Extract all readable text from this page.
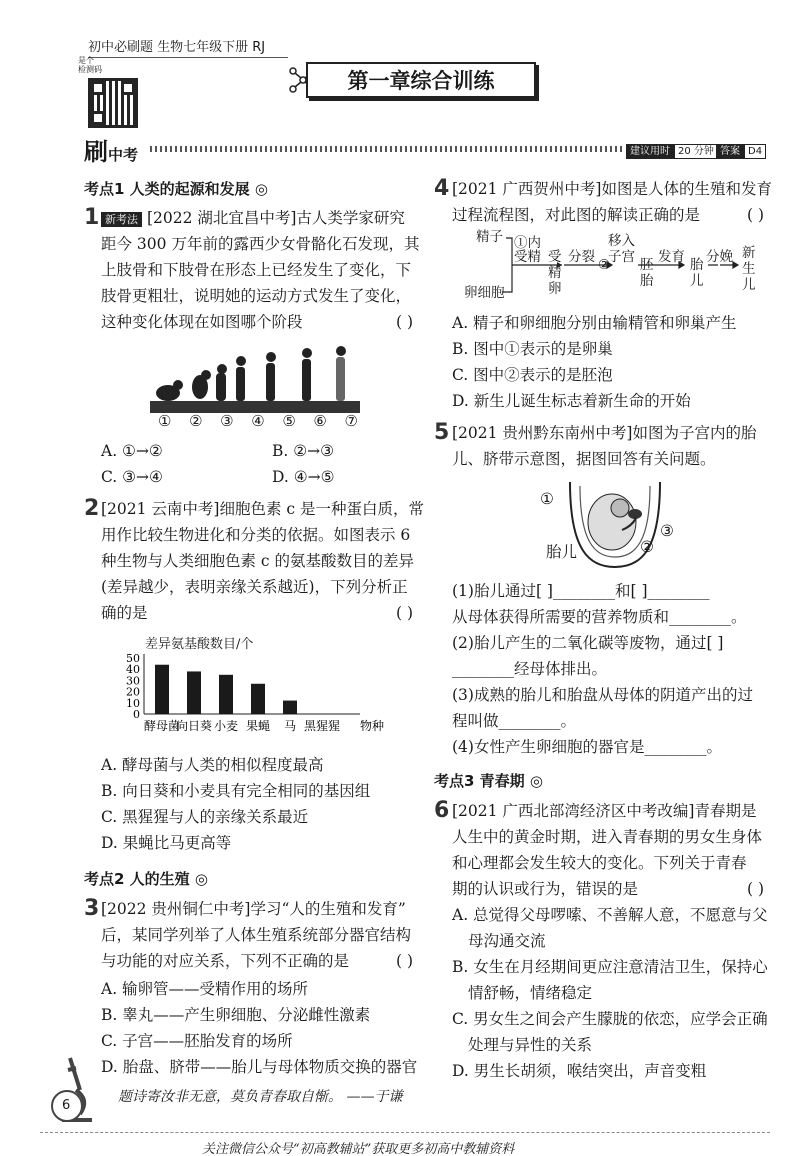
初中必刷题 生物七年级下册 RJ
是个
检测码	第一章综合训练
刷中考	建议用时 20 分钟 答案 D4
考点1 人类的起源和发展 ◎
1 新考法 [2022 湖北宜昌中考]古人类学家研究
距今 300 万年前的露西少女骨骼化石发现，其
上肢骨和下肢骨在形态上已经发生了变化，下
肢骨更粗壮，说明她的运动方式发生了变化，
这种变化体现在如图哪个阶段	( )
① ② ③ ④ ⑤ ⑥ ⑦
A. ①→②	B. ②→③
C. ③→④	D. ④→⑤
2 [2021 云南中考]细胞色素 c 是一种蛋白质，常
用作比较生物进化和分类的依据。如图表示 6
种生物与人类细胞色素 c 的氨基酸数目的差异
(差异越少，表明亲缘关系越近)，下列分析正
确的是	( )
差异氨基酸数目/个
0
10
20
30
40
50
酵母菌
向日葵 小麦 果蝇 马 黑猩猩 物种
A. 酵母菌与人类的相似程度最高
B. 向日葵和小麦具有完全相同的基因组
C. 黑猩猩与人的亲缘关系最近
D. 果蝇比马更高等
考点2 人的生殖 ◎
3 [2022 贵州铜仁中考]学习“人的生殖和发育”
后，某同学列举了人体生殖系统部分器官结构
与功能的对应关系，下列不正确的是	( )
A. 输卵管——受精作用的场所
B. 睾丸——产生卵细胞、分泌雌性激素
C. 子宫——胚胎发育的场所
D. 胎盘、脐带——胎儿与母体物质交换的器官
4 [2021 广西贺州中考]如图是人体的生殖和发育
过程流程图，对此图的解读正确的是	( )
精子
卵细胞
①内
受精 受
精
卵
分裂
移入
子宫
② 胚
胎
发育 胎
儿
分娩 新
生
儿
A. 精子和卵细胞分别由输精管和卵巢产生
B. 图中①表示的是卵巢
C. 图中②表示的是胚泡
D. 新生儿诞生标志着新生命的开始
5 [2021 贵州黔东南州中考]如图为子宫内的胎
儿、脐带示意图，据图回答有关问题。
①
②
③
胎儿
(1)胎儿通过[ ]________和[ ]________
从母体获得所需要的营养物质和________。
(2)胎儿产生的二氧化碳等废物，通过[ ]
________经母体排出。
(3)成熟的胎儿和胎盘从母体的阴道产出的过
程叫做________。
(4)女性产生卵细胞的器官是________。
考点3 青春期 ◎
6 [2021 广西北部湾经济区中考改编]青春期是
人生中的黄金时期，进入青春期的男女生身体
和心理都会发生较大的变化。下列关于青春
期的认识或行为，错误的是	( )
A. 总觉得父母啰嗦、不善解人意，不愿意与父
母沟通交流
B. 女生在月经期间更应注意清洁卫生，保持心
情舒畅，情绪稳定
C. 男女生之间会产生朦胧的依恋，应学会正确
处理与异性的关系
D. 男生长胡须，喉结突出，声音变粗
6
题诗寄汝非无意，莫负青春取自惭。 ——于谦
关注微信公众号“初高教辅站”获取更多初高中教辅资料
